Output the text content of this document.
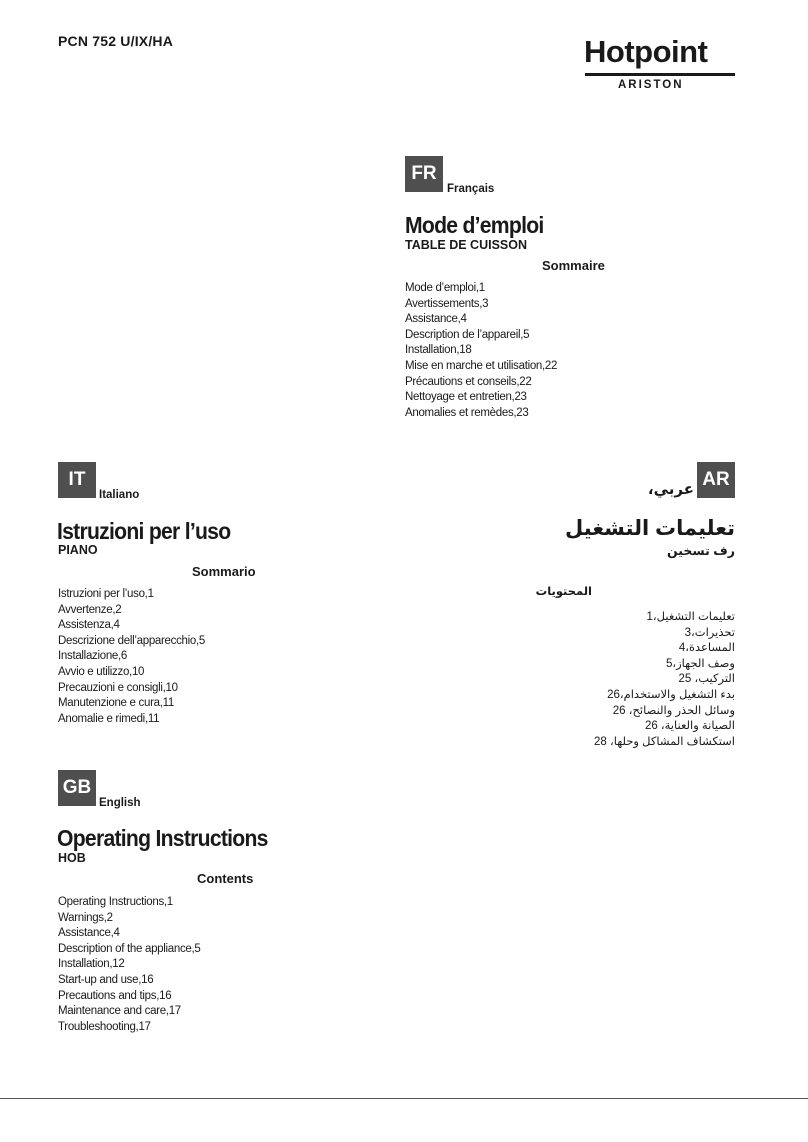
PCN 752 U/IX/HA	Hotpoint
ARISTON
FR
Français
Mode d’emploi
TABLE DE CUISSON
Sommaire
Mode d’emploi,1
Avertissements,3
Assistance,4
Description de l’appareil,5
Installation,18
Mise en marche et utilisation,22
Précautions et conseils,22
Nettoyage et entretien,23
Anomalies et remèdes,23
IT
Italiano
Istruzioni per l’uso
PIANO
Sommario
Istruzioni per l’uso,1
Avvertenze,2
Assistenza,4
Descrizione dell’apparecchio,5
Installazione,6
Avvio e utilizzo,10
Precauzioni e consigli,10
Manutenzione e cura,11
Anomalie e rimedi,11
AR
عربي،
تعليمات التشغيل
رف تسخين
المحتويات
تعليمات التشغيل،1
تحذيرات،3
المساعدة،4
وصف الجهاز،5
التركيب، 25
بدء التشغيل والاستخدام،26
وسائل الحذر والنصائح، 26
الصيانة والعناية، 26
استكشاف المشاكل وحلها، 28
GB
English
Operating Instructions
HOB
Contents
Operating Instructions,1
Warnings,2
Assistance,4
Description of the appliance,5
Installation,12
Start-up and use,16
Precautions and tips,16
Maintenance and care,17
Troubleshooting,17
